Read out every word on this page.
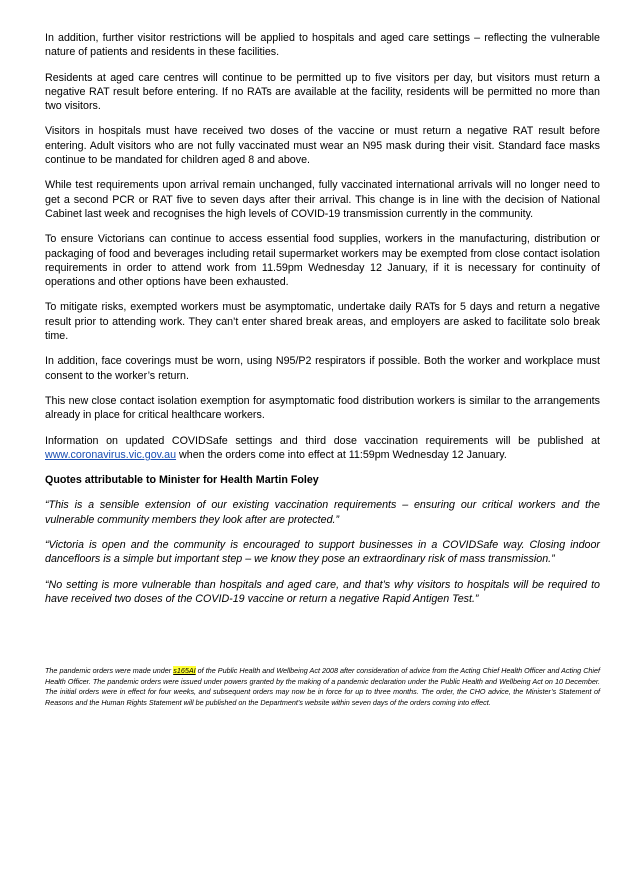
In addition, further visitor restrictions will be applied to hospitals and aged care settings – reflecting the vulnerable nature of patients and residents in these facilities.

Residents at aged care centres will continue to be permitted up to five visitors per day, but visitors must return a negative RAT result before entering. If no RATs are available at the facility, residents will be permitted no more than two visitors.

Visitors in hospitals must have received two doses of the vaccine or must return a negative RAT result before entering. Adult visitors who are not fully vaccinated must wear an N95 mask during their visit. Standard face masks continue to be mandated for children aged 8 and above.

While test requirements upon arrival remain unchanged, fully vaccinated international arrivals will no longer need to get a second PCR or RAT five to seven days after their arrival. This change is in line with the decision of National Cabinet last week and recognises the high levels of COVID-19 transmission currently in the community.

To ensure Victorians can continue to access essential food supplies, workers in the manufacturing, distribution or packaging of food and beverages including retail supermarket workers may be exempted from close contact isolation requirements in order to attend work from 11.59pm Wednesday 12 January, if it is necessary for continuity of operations and other options have been exhausted.

To mitigate risks, exempted workers must be asymptomatic, undertake daily RATs for 5 days and return a negative result prior to attending work. They can’t enter shared break areas, and employers are asked to facilitate solo break time.

In addition, face coverings must be worn, using N95/P2 respirators if possible. Both the worker and workplace must consent to the worker’s return.

This new close contact isolation exemption for asymptomatic food distribution workers is similar to the arrangements already in place for critical healthcare workers.

Information on updated COVIDSafe settings and third dose vaccination requirements will be published at www.coronavirus.vic.gov.au when the orders come into effect at 11:59pm Wednesday 12 January.

Quotes attributable to Minister for Health Martin Foley

“This is a sensible extension of our existing vaccination requirements – ensuring our critical workers and the vulnerable community members they look after are protected.”

“Victoria is open and the community is encouraged to support businesses in a COVIDSafe way. Closing indoor dancefloors is a simple but important step – we know they pose an extraordinary risk of mass transmission.”

“No setting is more vulnerable than hospitals and aged care, and that’s why visitors to hospitals will be required to have received two doses of the COVID-19 vaccine or return a negative Rapid Antigen Test.”

The pandemic orders were made under s165AI of the Public Health and Wellbeing Act 2008 after consideration of advice from the Acting Chief Health Officer and Acting Chief Health Officer. The pandemic orders were issued under powers granted by the making of a pandemic declaration under the Public Health and Wellbeing Act on 10 December. The initial orders were in effect for four weeks, and subsequent orders may now be in force for up to three months. The order, the CHO advice, the Minister’s Statement of Reasons and the Human Rights Statement will be published on the Department’s website within seven days of the orders coming into effect.
